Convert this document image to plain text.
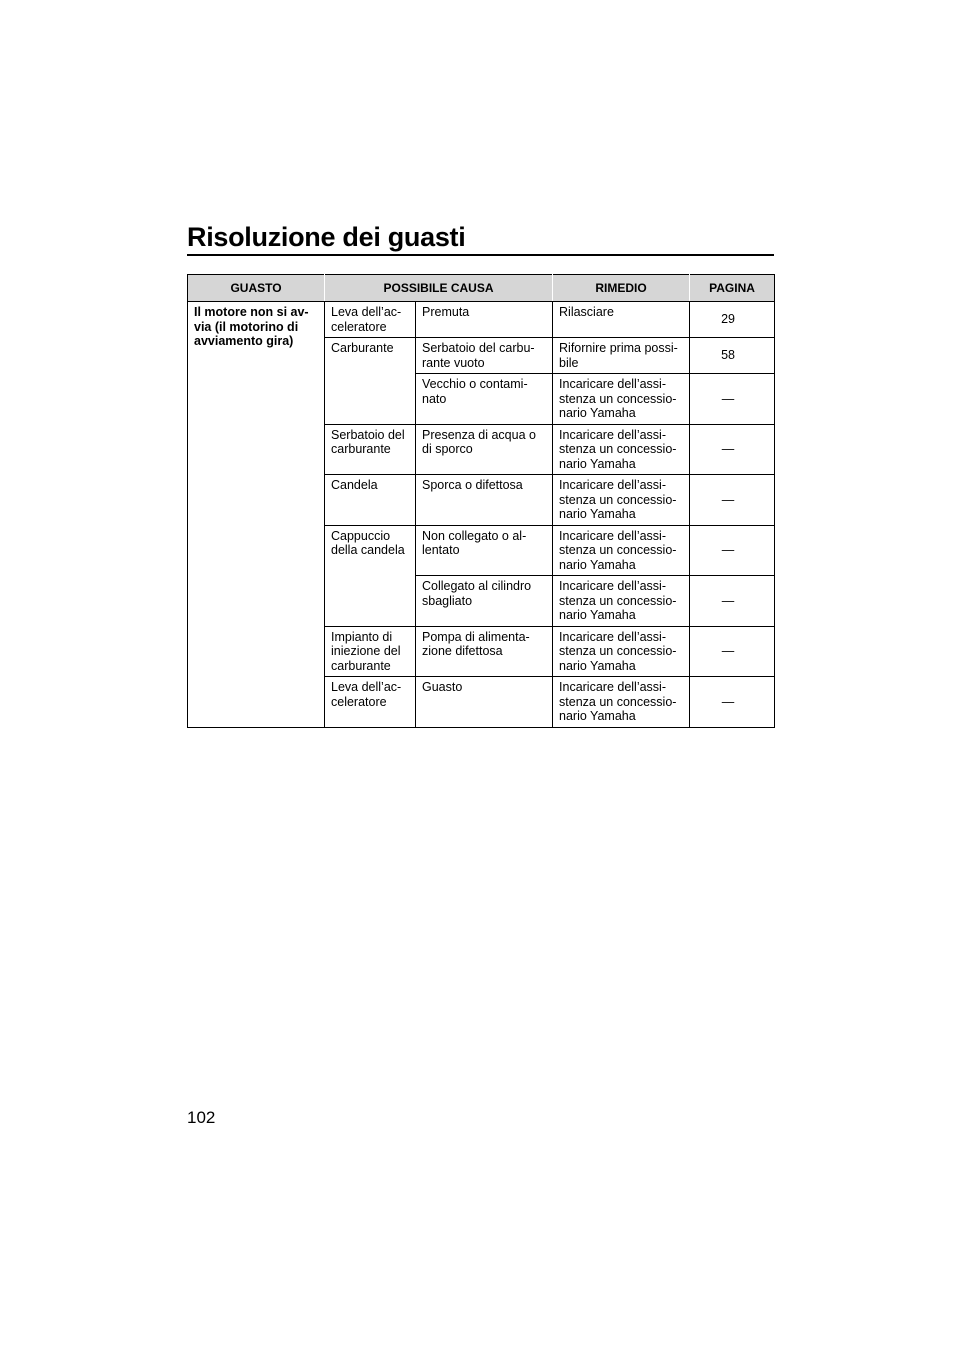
Risoluzione dei guasti
GUASTO	POSSIBILE CAUSA		RIMEDIO	PAGINA
Il motore non si av-
via (il motorino di
avviamento gira)	Leva dell’ac-
celeratore	Premuta	Rilasciare	29
	Carburante	Serbatoio del carbu-
rante vuoto	Rifornire prima possi-
bile	58
		Vecchio o contami-
nato	Incaricare dell’assi-
stenza un concessio-
nario Yamaha	—
	Serbatoio del
carburante	Presenza di acqua o
di sporco	Incaricare dell’assi-
stenza un concessio-
nario Yamaha	—
	Candela	Sporca o difettosa	Incaricare dell’assi-
stenza un concessio-
nario Yamaha	—
	Cappuccio
della candela	Non collegato o al-
lentato	Incaricare dell’assi-
stenza un concessio-
nario Yamaha	—
		Collegato al cilindro
sbagliato	Incaricare dell’assi-
stenza un concessio-
nario Yamaha	—
	Impianto di
iniezione del
carburante	Pompa di alimenta-
zione difettosa	Incaricare dell’assi-
stenza un concessio-
nario Yamaha	—
	Leva dell’ac-
celeratore	Guasto	Incaricare dell’assi-
stenza un concessio-
nario Yamaha	—
102
